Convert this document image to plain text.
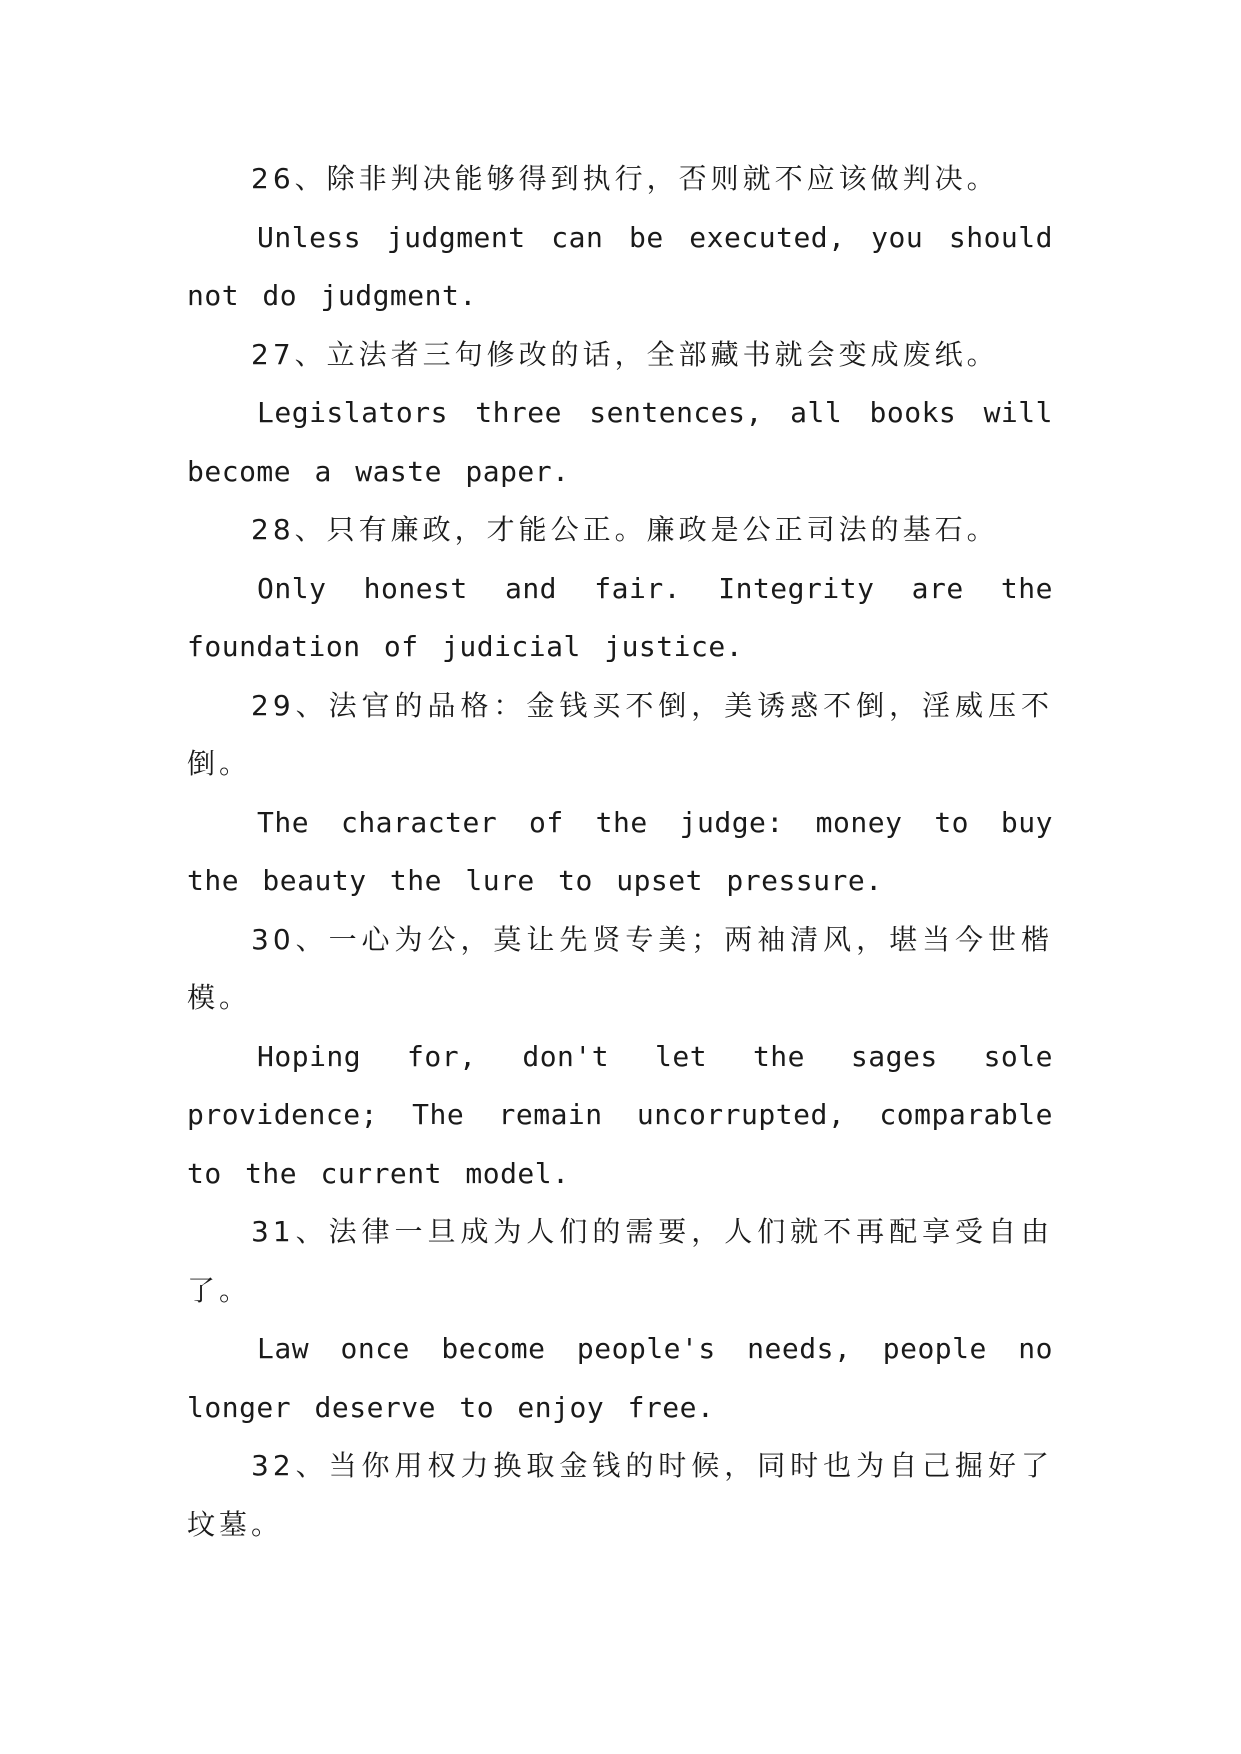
26、除非判决能够得到执行，否则就不应该做判决。

Unless judgment can be executed, you should not do judgment.

27、立法者三句修改的话，全部藏书就会变成废纸。

Legislators three sentences, all books will become a waste paper.

28、只有廉政，才能公正。廉政是公正司法的基石。

Only honest and fair. Integrity are the foundation of judicial justice.

29、法官的品格：金钱买不倒，美诱惑不倒，淫威压不倒。

The character of the judge: money to buy the beauty the lure to upset pressure.

30、一心为公，莫让先贤专美；两袖清风，堪当今世楷模。

Hoping for, don't let the sages sole providence; The remain uncorrupted, comparable to the current model.

31、法律一旦成为人们的需要，人们就不再配享受自由了。

Law once become people's needs, people no longer deserve to enjoy free.

32、当你用权力换取金钱的时候，同时也为自己掘好了坟墓。
